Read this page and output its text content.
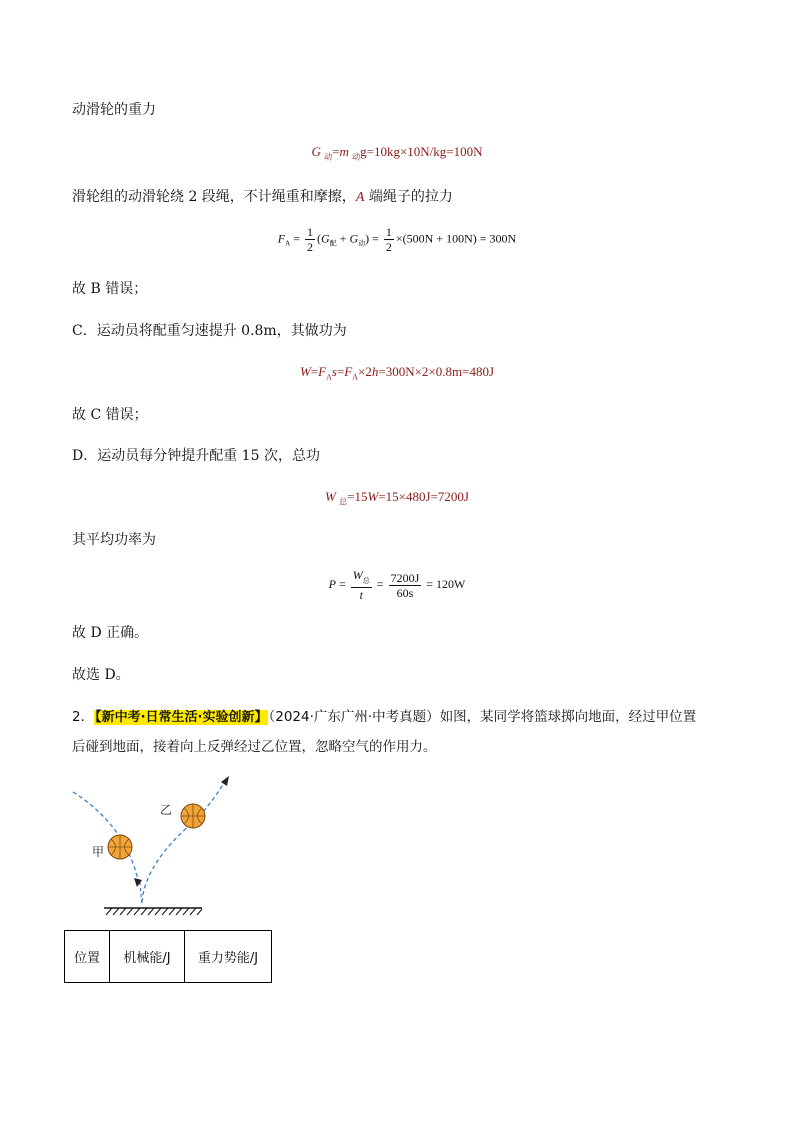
动滑轮的重力
G $_动$=m $_动$g=10kg×10N/kg=100N
滑轮组的动滑轮绕 2 段绳，不计绳重和摩擦，A 端绳子的拉力
$F_A = \frac{1}{2} (G_配 + G_动) = \frac{1}{2} \times(500N + 100N) = 300N$
故 B 错误；
C．运动员将配重匀速提升 0.8m，其做功为
$W=F_As=F_A\times 2h=300N\times 2\times 0.8m=480J$
故 C 错误；
D．运动员每分钟提升配重 15 次，总功
W $_总$=15W=15×480J=7200J
其平均功率为
$P = \frac{W_总}{t} = \frac{7200J}{60s} = 120W$
故 D 正确。
故选 D。
2．【新中考·日常生活·实验创新】（2024·广东广州·中考真题）如图，某同学将篮球掷向地面，经过甲位置
后碰到地面，接着向上反弹经过乙位置，忽略空气的作用力。
甲
乙
位置	机械能/J	重力势能/J
